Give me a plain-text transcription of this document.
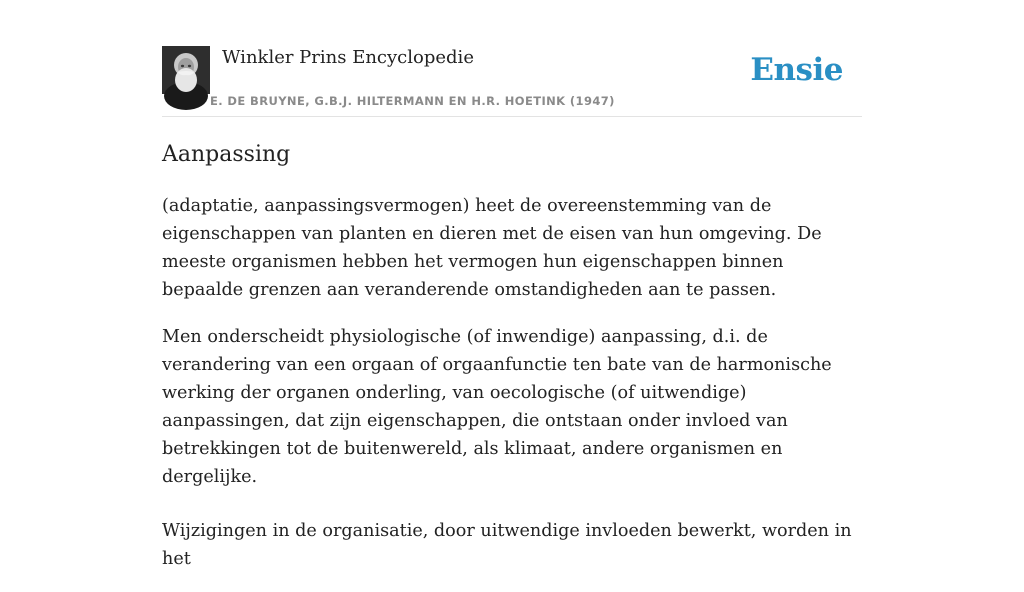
Winkler Prins Encyclopedie
E. DE BRUYNE, G.B.J. HILTERMANN EN H.R. HOETINK (1947)
Ensie
Aanpassing

(adaptatie, aanpassingsvermogen) heet de overeenstemming van de eigenschappen van planten en dieren met de eisen van hun omgeving. De meeste organismen hebben het vermogen hun eigenschappen binnen bepaalde grenzen aan veranderende omstandigheden aan te passen.

Men onderscheidt physiologische (of inwendige) aanpassing, d.i. de verandering van een orgaan of orgaanfunctie ten bate van de harmonische werking der organen onderling, van oecologische (of uitwendige) aanpassingen, dat zijn eigenschappen, die ontstaan onder invloed van betrekkingen tot de buitenwereld, als klimaat, andere organismen en dergelijke.

Wijzigingen in de organisatie, door uitwendige invloeden bewerkt, worden in het
